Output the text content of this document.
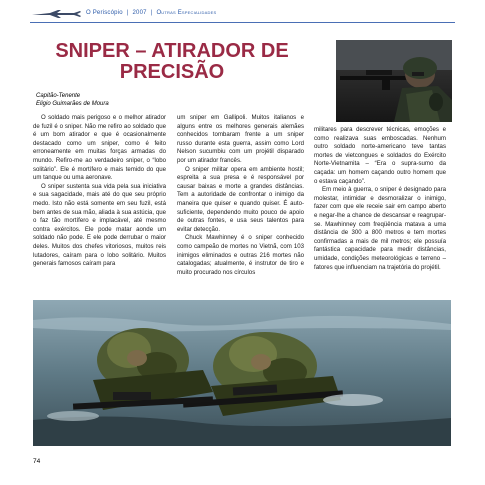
O Periscópio | 2007 | Outras Especialidades
SNIPER – ATIRADOR DE
PRECISÃO
Capitão-Tenente
Eligio Guimarães de Moura

O soldado mais perigoso e o melhor atirador de fuzil é o sniper. Não me refiro ao soldado que é um bom atirador e que é ocasionalmente destacado como um sniper, como é feito erroneamente em muitas forças armadas do mundo. Refiro-me ao verdadeiro sniper, o “lobo solitário”. Ele é mortífero e mais temido do que um tanque ou uma aeronave.

O sniper sustenta sua vida pela sua iniciativa e sua sagacidade, mais até do que seu próprio medo. Isto não está somente em seu fuzil, está bem antes de sua mão, aliada à sua astúcia, que o faz tão mortífero e implacável, até mesmo contra exércitos. Ele pode matar aonde um soldado não pode. E ele pode derrubar o maior deles. Muitos dos chefes vitoriosos, muitos reis lutadores, caíram para o lobo solitário. Muitos generais famosos caíram para

um sniper em Gallipoli. Muitos italianos e alguns entre os melhores generais alemães conhecidos tombaram frente a um sniper russo durante esta guerra, assim como Lord Nelson sucumbiu com um projétil disparado por um atirador francês.

O sniper militar opera em ambiente hostil; espreita a sua presa e é responsável por causar baixas e morte a grandes distâncias. Tem a autoridade de confrontar o inimigo da maneira que quiser e quando quiser. É auto-suficiente, dependendo muito pouco de apoio de outras fontes, e usa seus talentos para evitar detecção.

Chuck Mawhinney é o sniper conhecido como campeão de mortes no Vietnã, com 103 inimigos eliminados e outras 216 mortes não catalogadas; atualmente, é instrutor de tiro e muito procurado nos círculos

militares para descrever técnicas, emoções e como realizava suas emboscadas. Nenhum outro soldado norte-americano teve tantas mortes de vietcongues e soldados do Exército Norte-Vietnamita – “Era o supra-sumo da caçada: um homem caçando outro homem que o estava caçando”.

Em meio à guerra, o sniper é designado para molestar, intimidar e desmoralizar o inimigo, fazer com que ele receie sair em campo aberto e negar-lhe a chance de descansar e reagrupar-se. Mawhinney com freqüência matava a uma distância de 300 a 800 metros e tem mortes confirmadas a mais de mil metros; ele possuía fantástica capacidade para medir distâncias, umidade, condições meteorológicas e terreno – fatores que influenciam na trajetória do projétil.

74
